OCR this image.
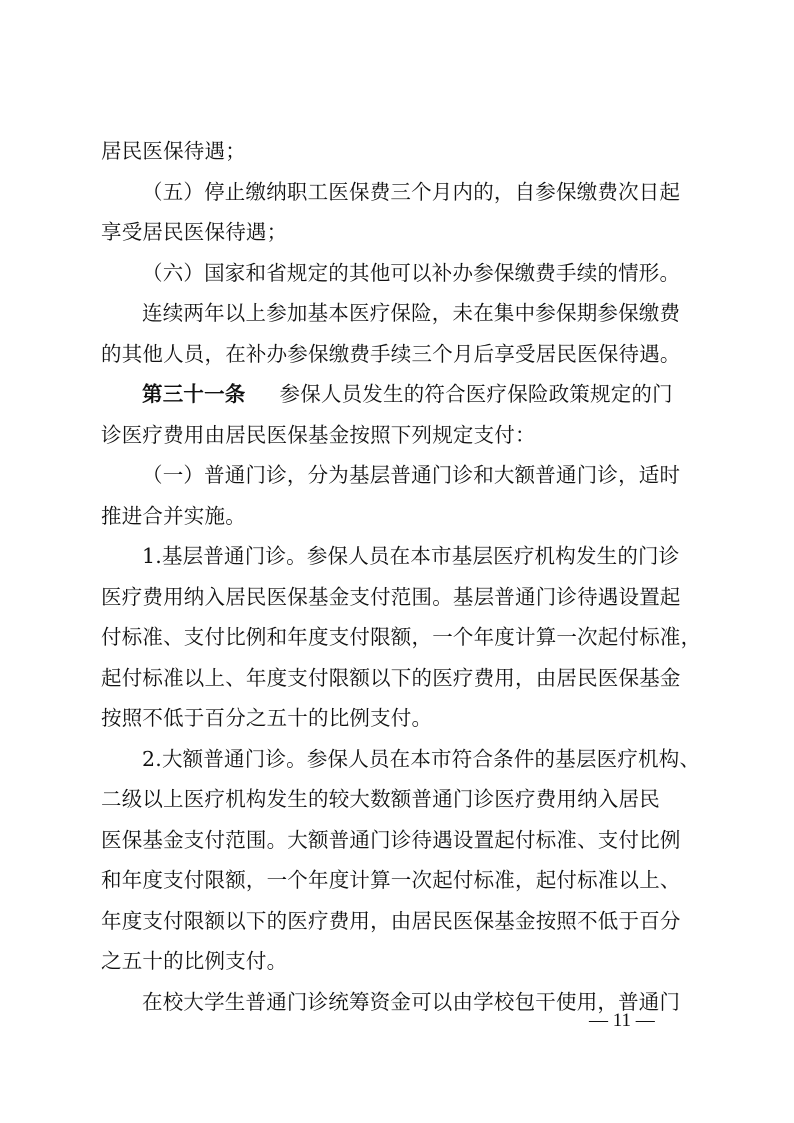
居民医保待遇；
（五）停止缴纳职工医保费三个月内的，自参保缴费次日起
享受居民医保待遇；
（六）国家和省规定的其他可以补办参保缴费手续的情形。
连续两年以上参加基本医疗保险，未在集中参保期参保缴费
的其他人员，在补办参保缴费手续三个月后享受居民医保待遇。
第三十一条 参保人员发生的符合医疗保险政策规定的门
诊医疗费用由居民医保基金按照下列规定支付：
（一）普通门诊，分为基层普通门诊和大额普通门诊，适时
推进合并实施。
1.基层普通门诊。参保人员在本市基层医疗机构发生的门诊
医疗费用纳入居民医保基金支付范围。基层普通门诊待遇设置起
付标准、支付比例和年度支付限额，一个年度计算一次起付标准，
起付标准以上、年度支付限额以下的医疗费用，由居民医保基金
按照不低于百分之五十的比例支付。
2.大额普通门诊。参保人员在本市符合条件的基层医疗机构、
二级以上医疗机构发生的较大数额普通门诊医疗费用纳入居民
医保基金支付范围。大额普通门诊待遇设置起付标准、支付比例
和年度支付限额，一个年度计算一次起付标准，起付标准以上、
年度支付限额以下的医疗费用，由居民医保基金按照不低于百分
之五十的比例支付。
在校大学生普通门诊统筹资金可以由学校包干使用，普通门
— 11 —
